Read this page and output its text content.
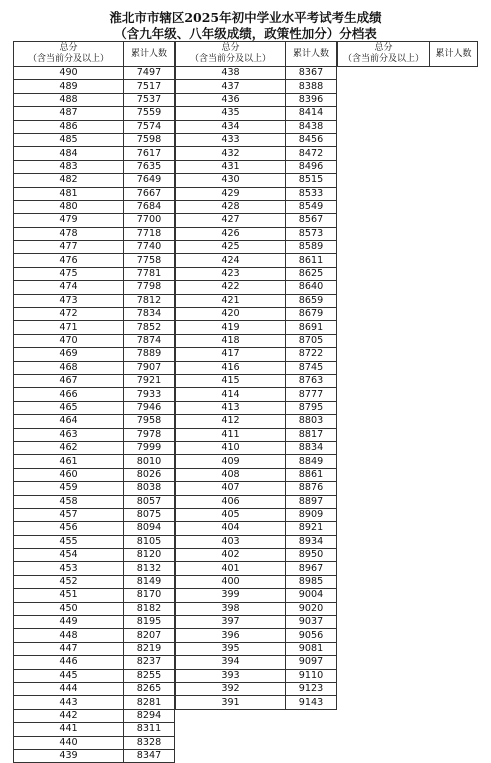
淮北市市辖区2025年初中学业水平考试考生成绩
（含九年级、八年级成绩，政策性加分）分档表
总分
（含当前分及以上）	累计人数
490	7497
489	7517
488	7537
487	7559
486	7574
485	7598
484	7617
483	7635
482	7649
481	7667
480	7684
479	7700
478	7718
477	7740
476	7758
475	7781
474	7798
473	7812
472	7834
471	7852
470	7874
469	7889
468	7907
467	7921
466	7933
465	7946
464	7958
463	7978
462	7999
461	8010
460	8026
459	8038
458	8057
457	8075
456	8094
455	8105
454	8120
453	8132
452	8149
451	8170
450	8182
449	8195
448	8207
447	8219
446	8237
445	8255
444	8265
443	8281
442	8294
441	8311
440	8328
439	8347
总分
（含当前分及以上）	累计人数
438	8367
437	8388
436	8396
435	8414
434	8438
433	8456
432	8472
431	8496
430	8515
429	8533
428	8549
427	8567
426	8573
425	8589
424	8611
423	8625
422	8640
421	8659
420	8679
419	8691
418	8705
417	8722
416	8745
415	8763
414	8777
413	8795
412	8803
411	8817
410	8834
409	8849
408	8861
407	8876
406	8897
405	8909
404	8921
403	8934
402	8950
401	8967
400	8985
399	9004
398	9020
397	9037
396	9056
395	9081
394	9097
393	9110
392	9123
391	9143
总分
（含当前分及以上）
	累计人数
